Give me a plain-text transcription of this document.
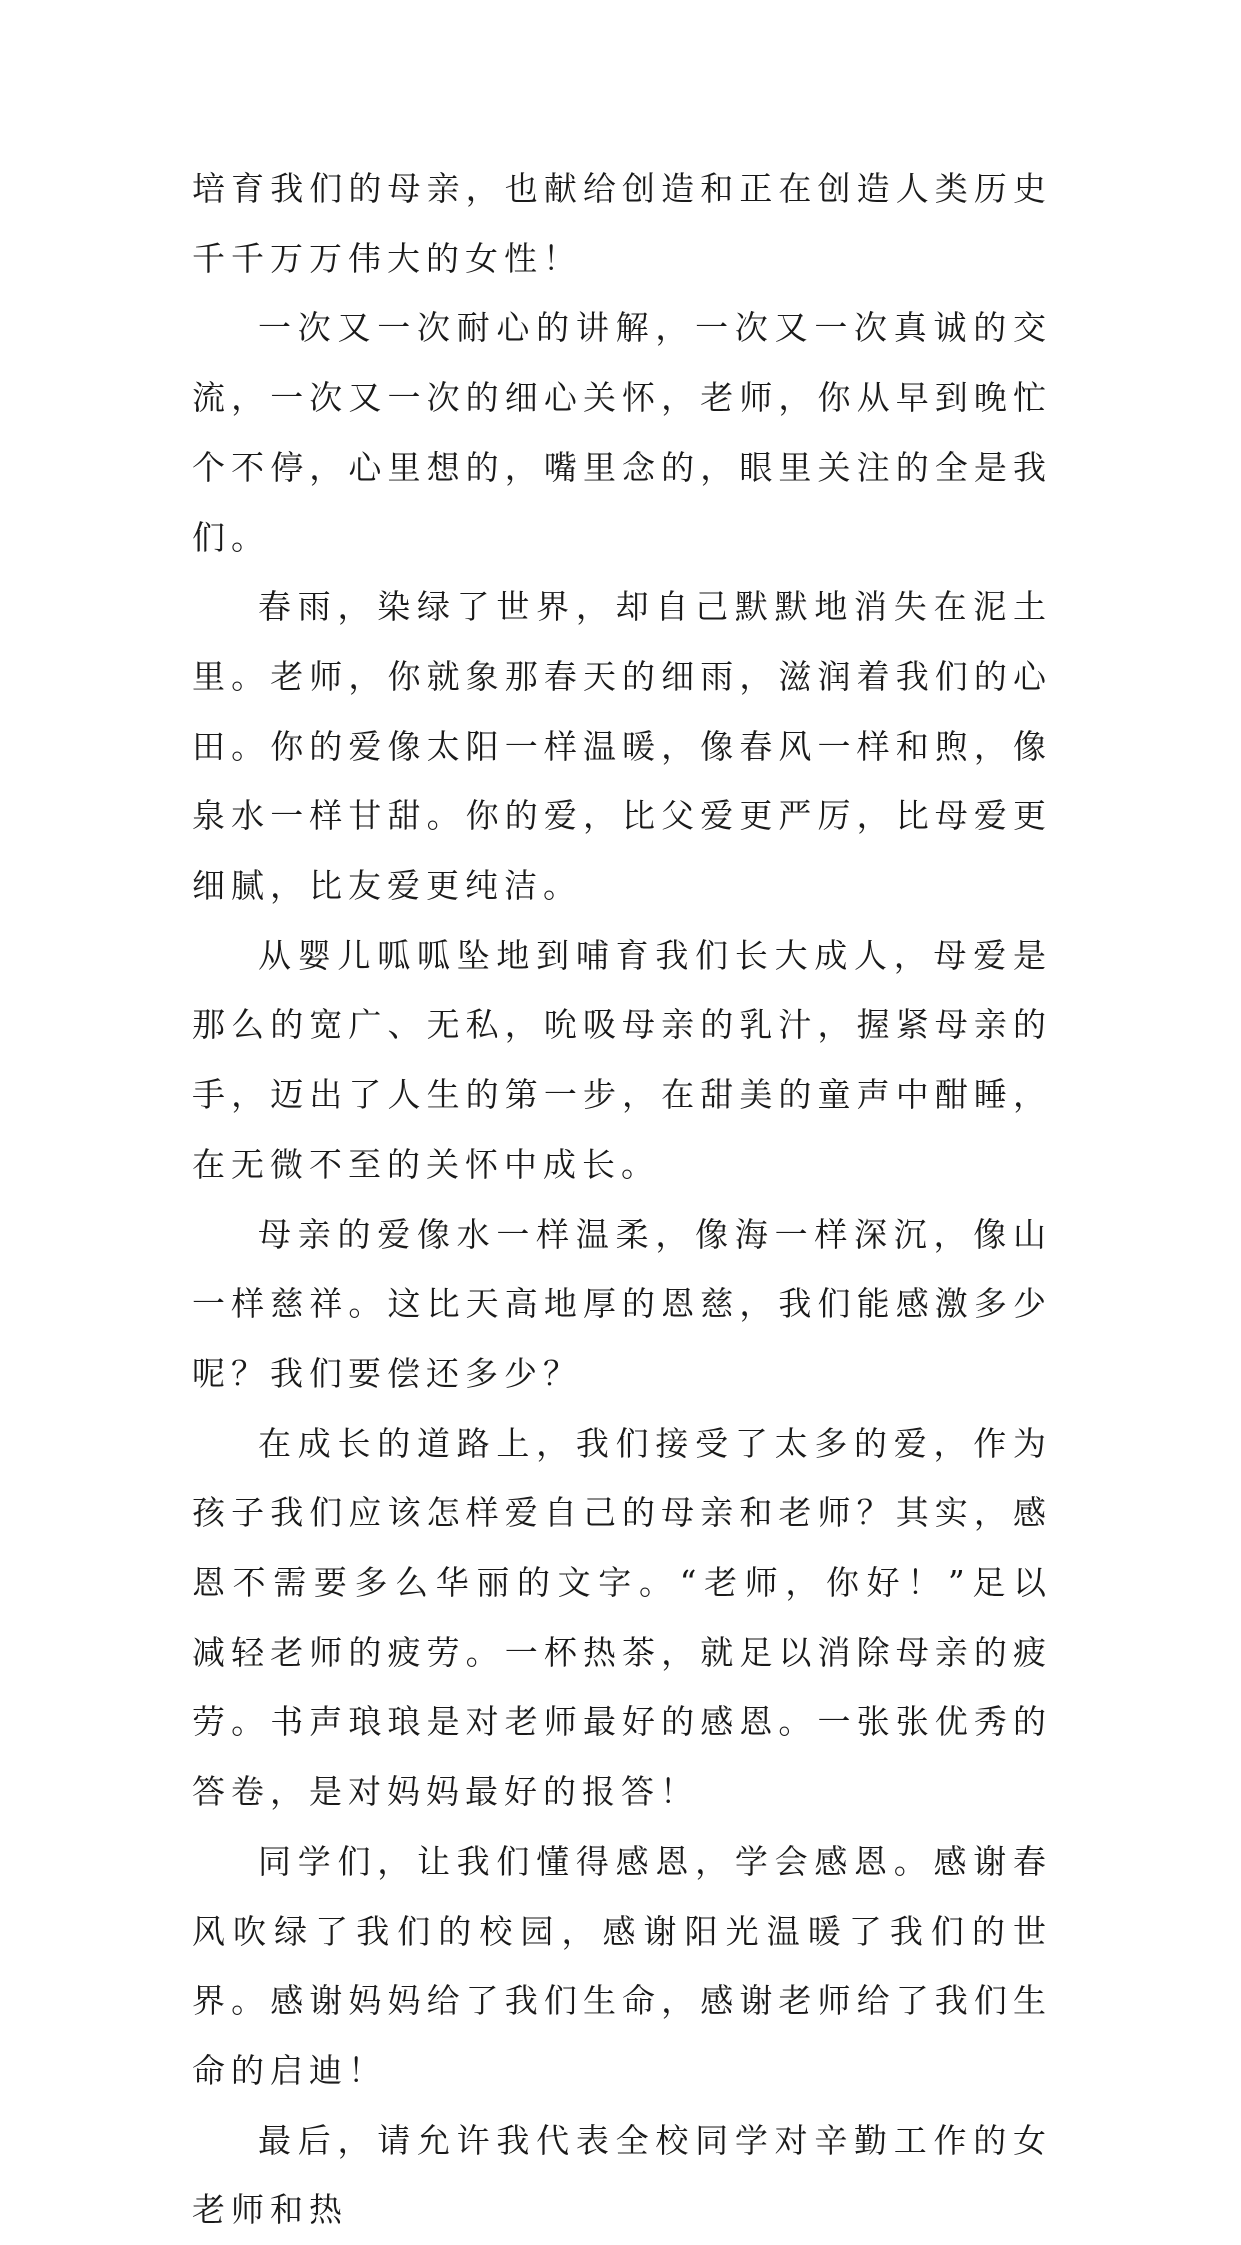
培育我们的母亲，也献给创造和正在创造人类历史千千万万伟大的女性！

一次又一次耐心的讲解，一次又一次真诚的交流，一次又一次的细心关怀，老师，你从早到晚忙个不停，心里想的，嘴里念的，眼里关注的全是我们。

春雨，染绿了世界，却自己默默地消失在泥土里。老师，你就象那春天的细雨，滋润着我们的心田。你的爱像太阳一样温暖，像春风一样和煦，像泉水一样甘甜。你的爱，比父爱更严厉，比母爱更细腻，比友爱更纯洁。

从婴儿呱呱坠地到哺育我们长大成人，母爱是那么的宽广、无私，吮吸母亲的乳汁，握紧母亲的手，迈出了人生的第一步，在甜美的童声中酣睡，在无微不至的关怀中成长。

母亲的爱像水一样温柔，像海一样深沉，像山一样慈祥。这比天高地厚的恩慈，我们能感激多少呢？我们要偿还多少？

在成长的道路上，我们接受了太多的爱，作为孩子我们应该怎样爱自己的母亲和老师？其实，感恩不需要多么华丽的文字。“老师，你好！”足以减轻老师的疲劳。一杯热茶，就足以消除母亲的疲劳。书声琅琅是对老师最好的感恩。一张张优秀的答卷，是对妈妈最好的报答！

同学们，让我们懂得感恩，学会感恩。感谢春风吹绿了我们的校园，感谢阳光温暖了我们的世界。感谢妈妈给了我们生命，感谢老师给了我们生命的启迪！

最后，请允许我代表全校同学对辛勤工作的女老师和热
